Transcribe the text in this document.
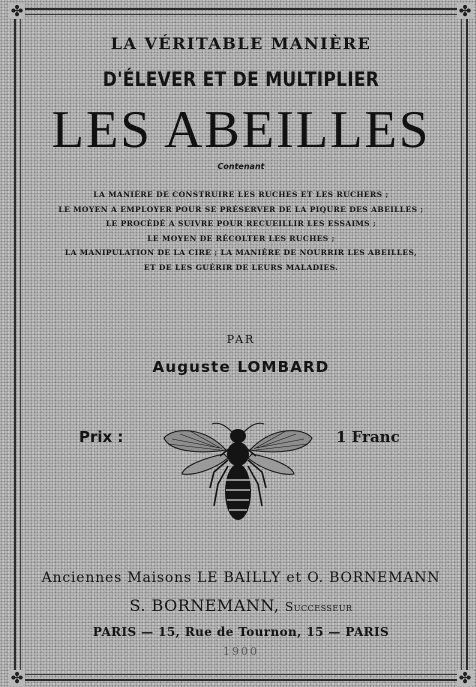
✤	✤
✤	✤
LA VÉRITABLE MANIÈRE
D'ÉLEVER ET DE MULTIPLIER
LES ABEILLES
Contenant
LA MANIÈRE DE CONSTRUIRE LES RUCHES ET LES RUCHERS ;
LE MOYEN A EMPLOYER POUR SE PRÉSERVER DE LA PIQURE DES ABEILLES ;
LE PROCÉDÉ A SUIVRE POUR RECUEILLIR LES ESSAIMS ;
LE MOYEN DE RÉCOLTER LES RUCHES ;
LA MANIPULATION DE LA CIRE ; LA MANIÈRE DE NOURRIR LES ABEILLES,
ET DE LES GUÉRIR DE LEURS MALADIES.
PAR
Auguste LOMBARD
Prix :	1 Franc
Anciennes Maisons LE BAILLY et O. BORNEMANN
S. BORNEMANN, Successeur
PARIS — 15, Rue de Tournon, 15 — PARIS
1900
